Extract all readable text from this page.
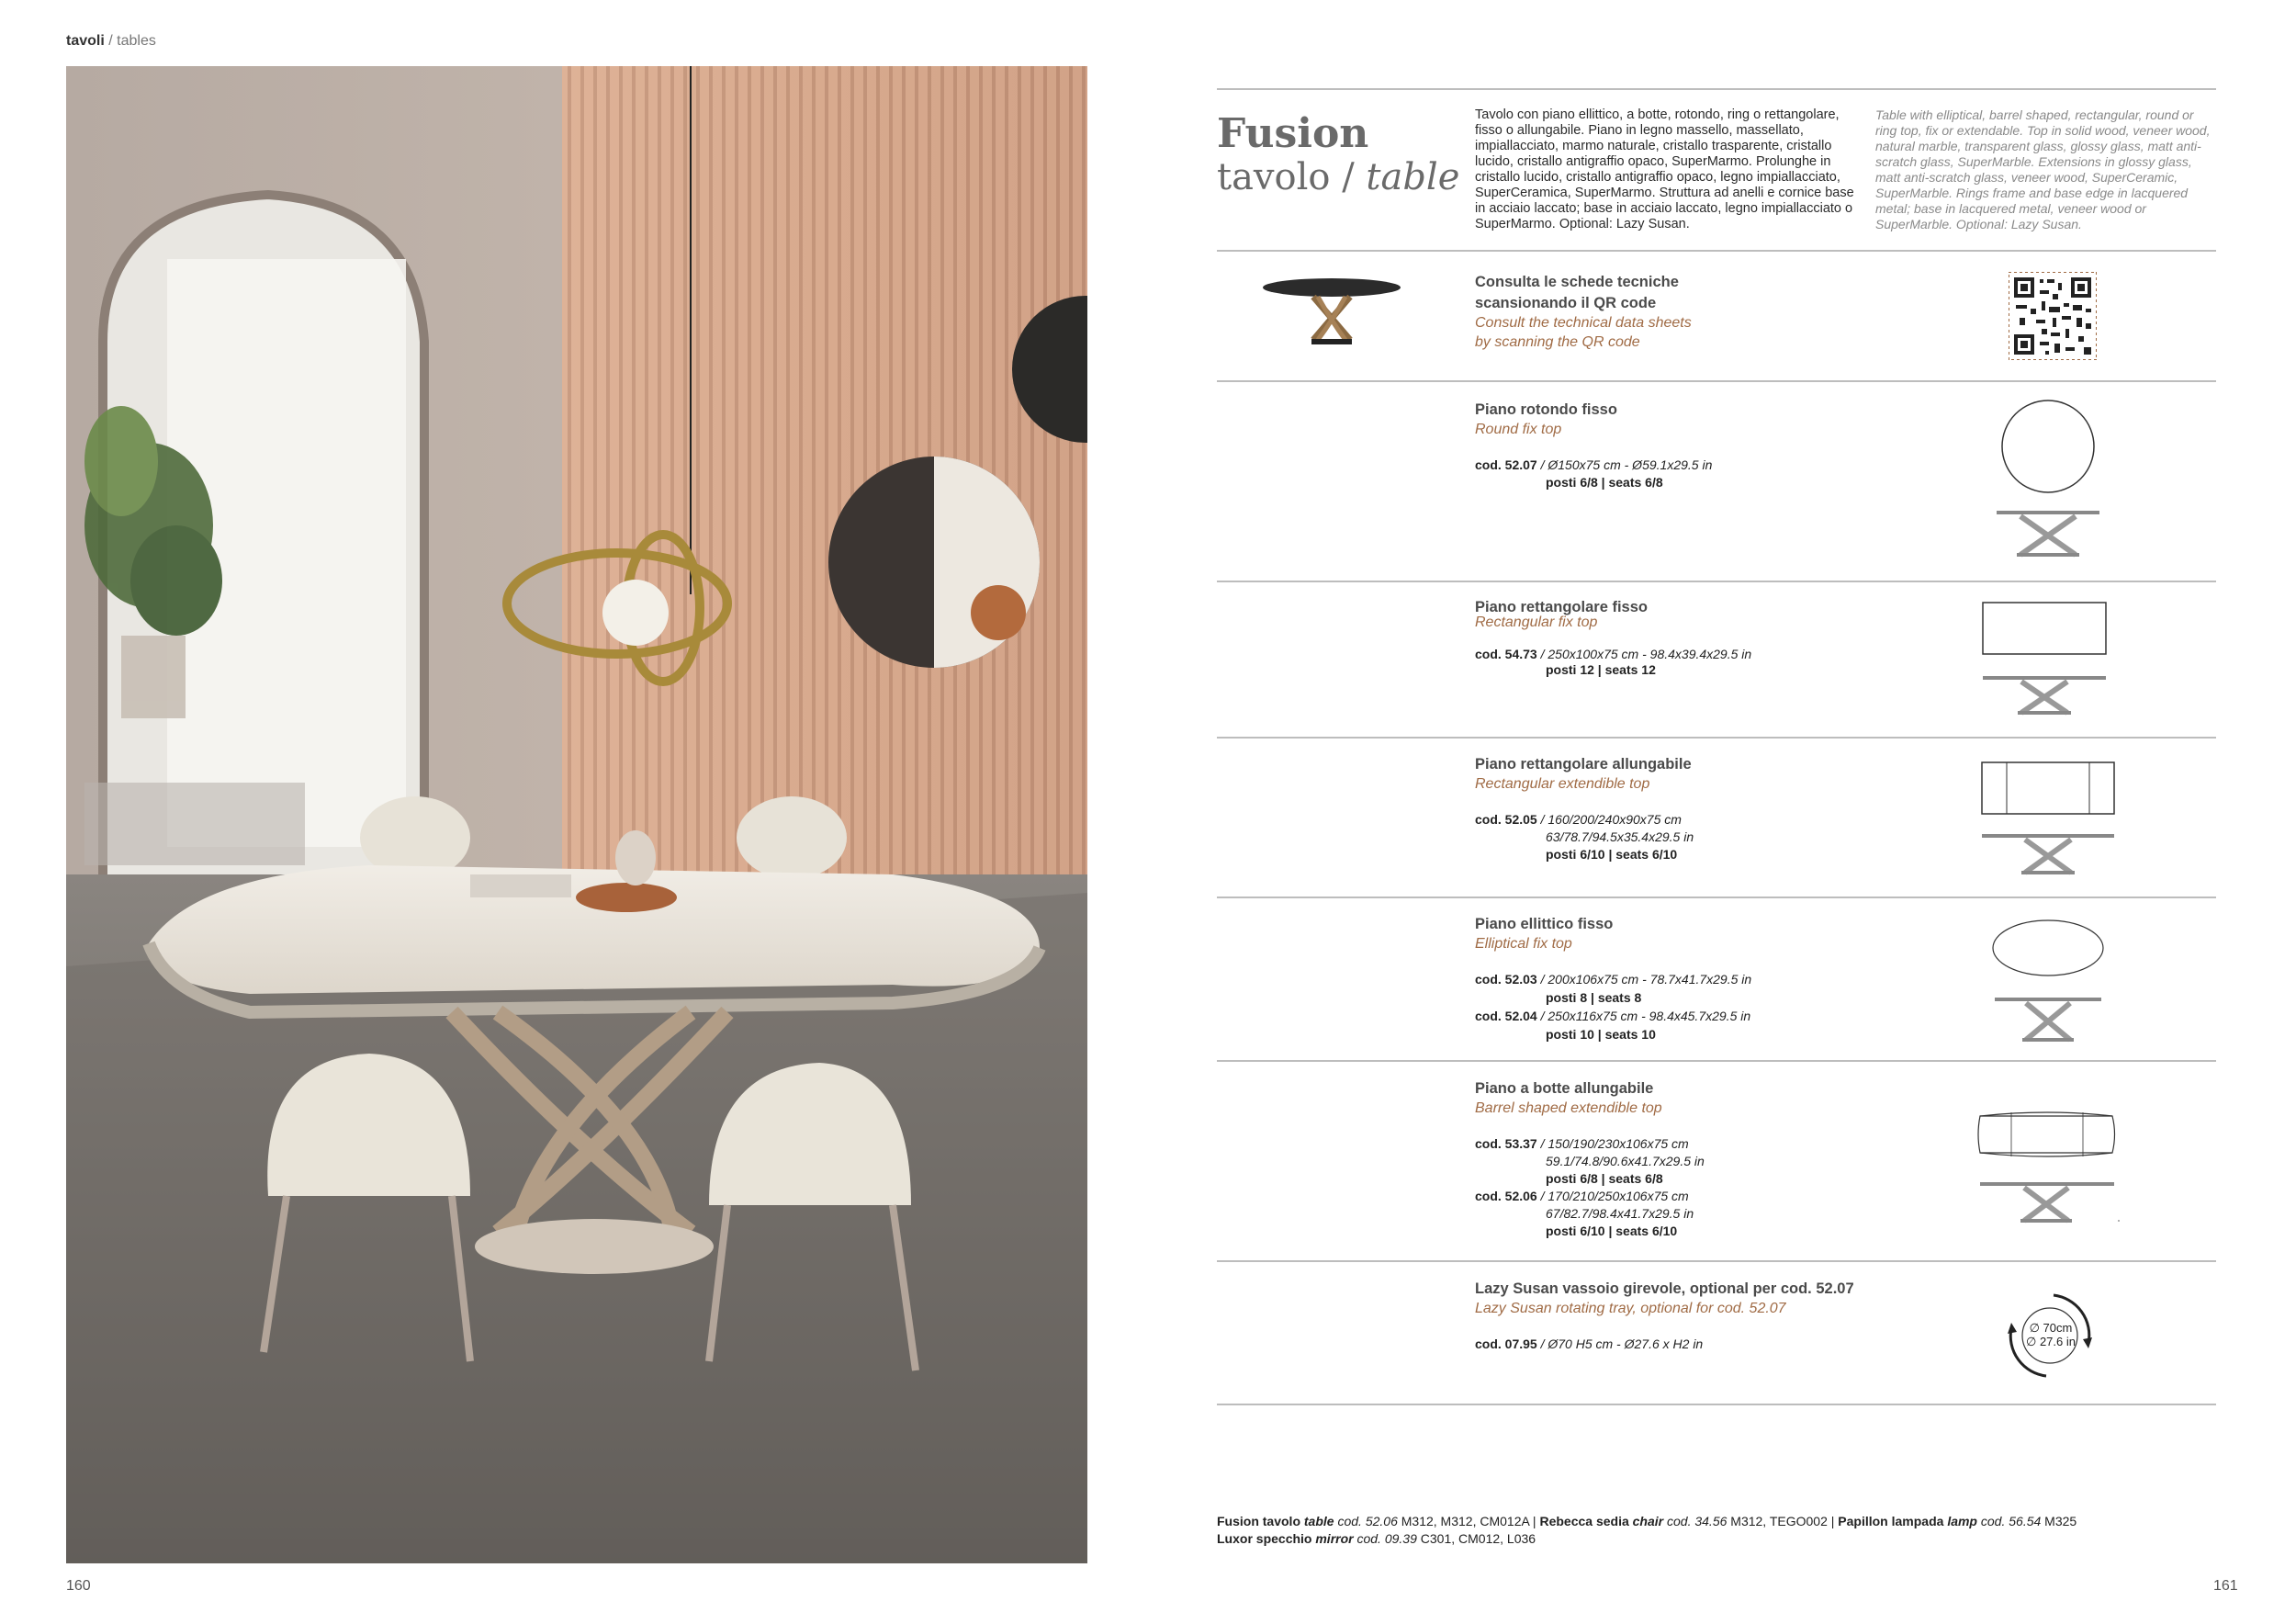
tavoli / tables
160	161
Fusion
tavolo / table
Tavolo con piano ellittico, a botte, rotondo, ring o rettangolare, fisso o allungabile. Piano in legno massello, massellato, impiallacciato, marmo naturale, cristallo trasparente, cristallo lucido, cristallo antigraffio opaco, SuperMarmo. Prolunghe in cristallo lucido, cristallo antigraffio opaco, legno impiallacciato, SuperCeramica, SuperMarmo. Struttura ad anelli e cornice base in acciaio laccato; base in acciaio laccato, legno impiallacciato o SuperMarmo. Optional: Lazy Susan.
Table with elliptical, barrel shaped, rectangular, round or ring top, fix or extendable. Top in solid wood, veneer wood, natural marble, transparent glass, glossy glass, matt anti-scratch glass, SuperMarble. Extensions in glossy glass, matt anti-scratch glass, veneer wood, SuperCeramic, SuperMarble. Rings frame and base edge in lacquered metal; base in lacquered metal, veneer wood or SuperMarble. Optional: Lazy Susan.
Consulta le schede tecniche
scansionando il QR code
Consult the technical data sheets
by scanning the QR code
Piano rotondo fisso
Round fix top
cod. 52.07 / Ø150x75 cm - Ø59.1x29.5 in
posti 6/8 | seats 6/8
Piano rettangolare fisso
Rectangular fix top
cod. 54.73 / 250x100x75 cm - 98.4x39.4x29.5 in
posti 12 | seats 12
Piano rettangolare allungabile
Rectangular extendible top
cod. 52.05 / 160/200/240x90x75 cm
63/78.7/94.5x35.4x29.5 in
posti 6/10 | seats 6/10
Piano ellittico fisso
Elliptical fix top
cod. 52.03 / 200x106x75 cm - 78.7x41.7x29.5 in
posti 8 | seats 8
cod. 52.04 / 250x116x75 cm - 98.4x45.7x29.5 in
posti 10 | seats 10
Piano a botte allungabile
Barrel shaped extendible top
cod. 53.37 / 150/190/230x106x75 cm
59.1/74.8/90.6x41.7x29.5 in
posti 6/8 | seats 6/8
cod. 52.06 / 170/210/250x106x75 cm
67/82.7/98.4x41.7x29.5 in
posti 6/10 | seats 6/10
Lazy Susan vassoio girevole, optional per cod. 52.07
Lazy Susan rotating tray, optional for cod. 52.07
cod. 07.95 / Ø70 H5 cm - Ø27.6 x H2 in
∅ 70cm
∅ 27.6 in
Fusion tavolo table cod. 52.06 M312, M312, CM012A | Rebecca sedia chair cod. 34.56 M312, TEGO002 | Papillon lampada lamp cod. 56.54 M325
Luxor specchio mirror cod. 09.39 C301, CM012, L036
